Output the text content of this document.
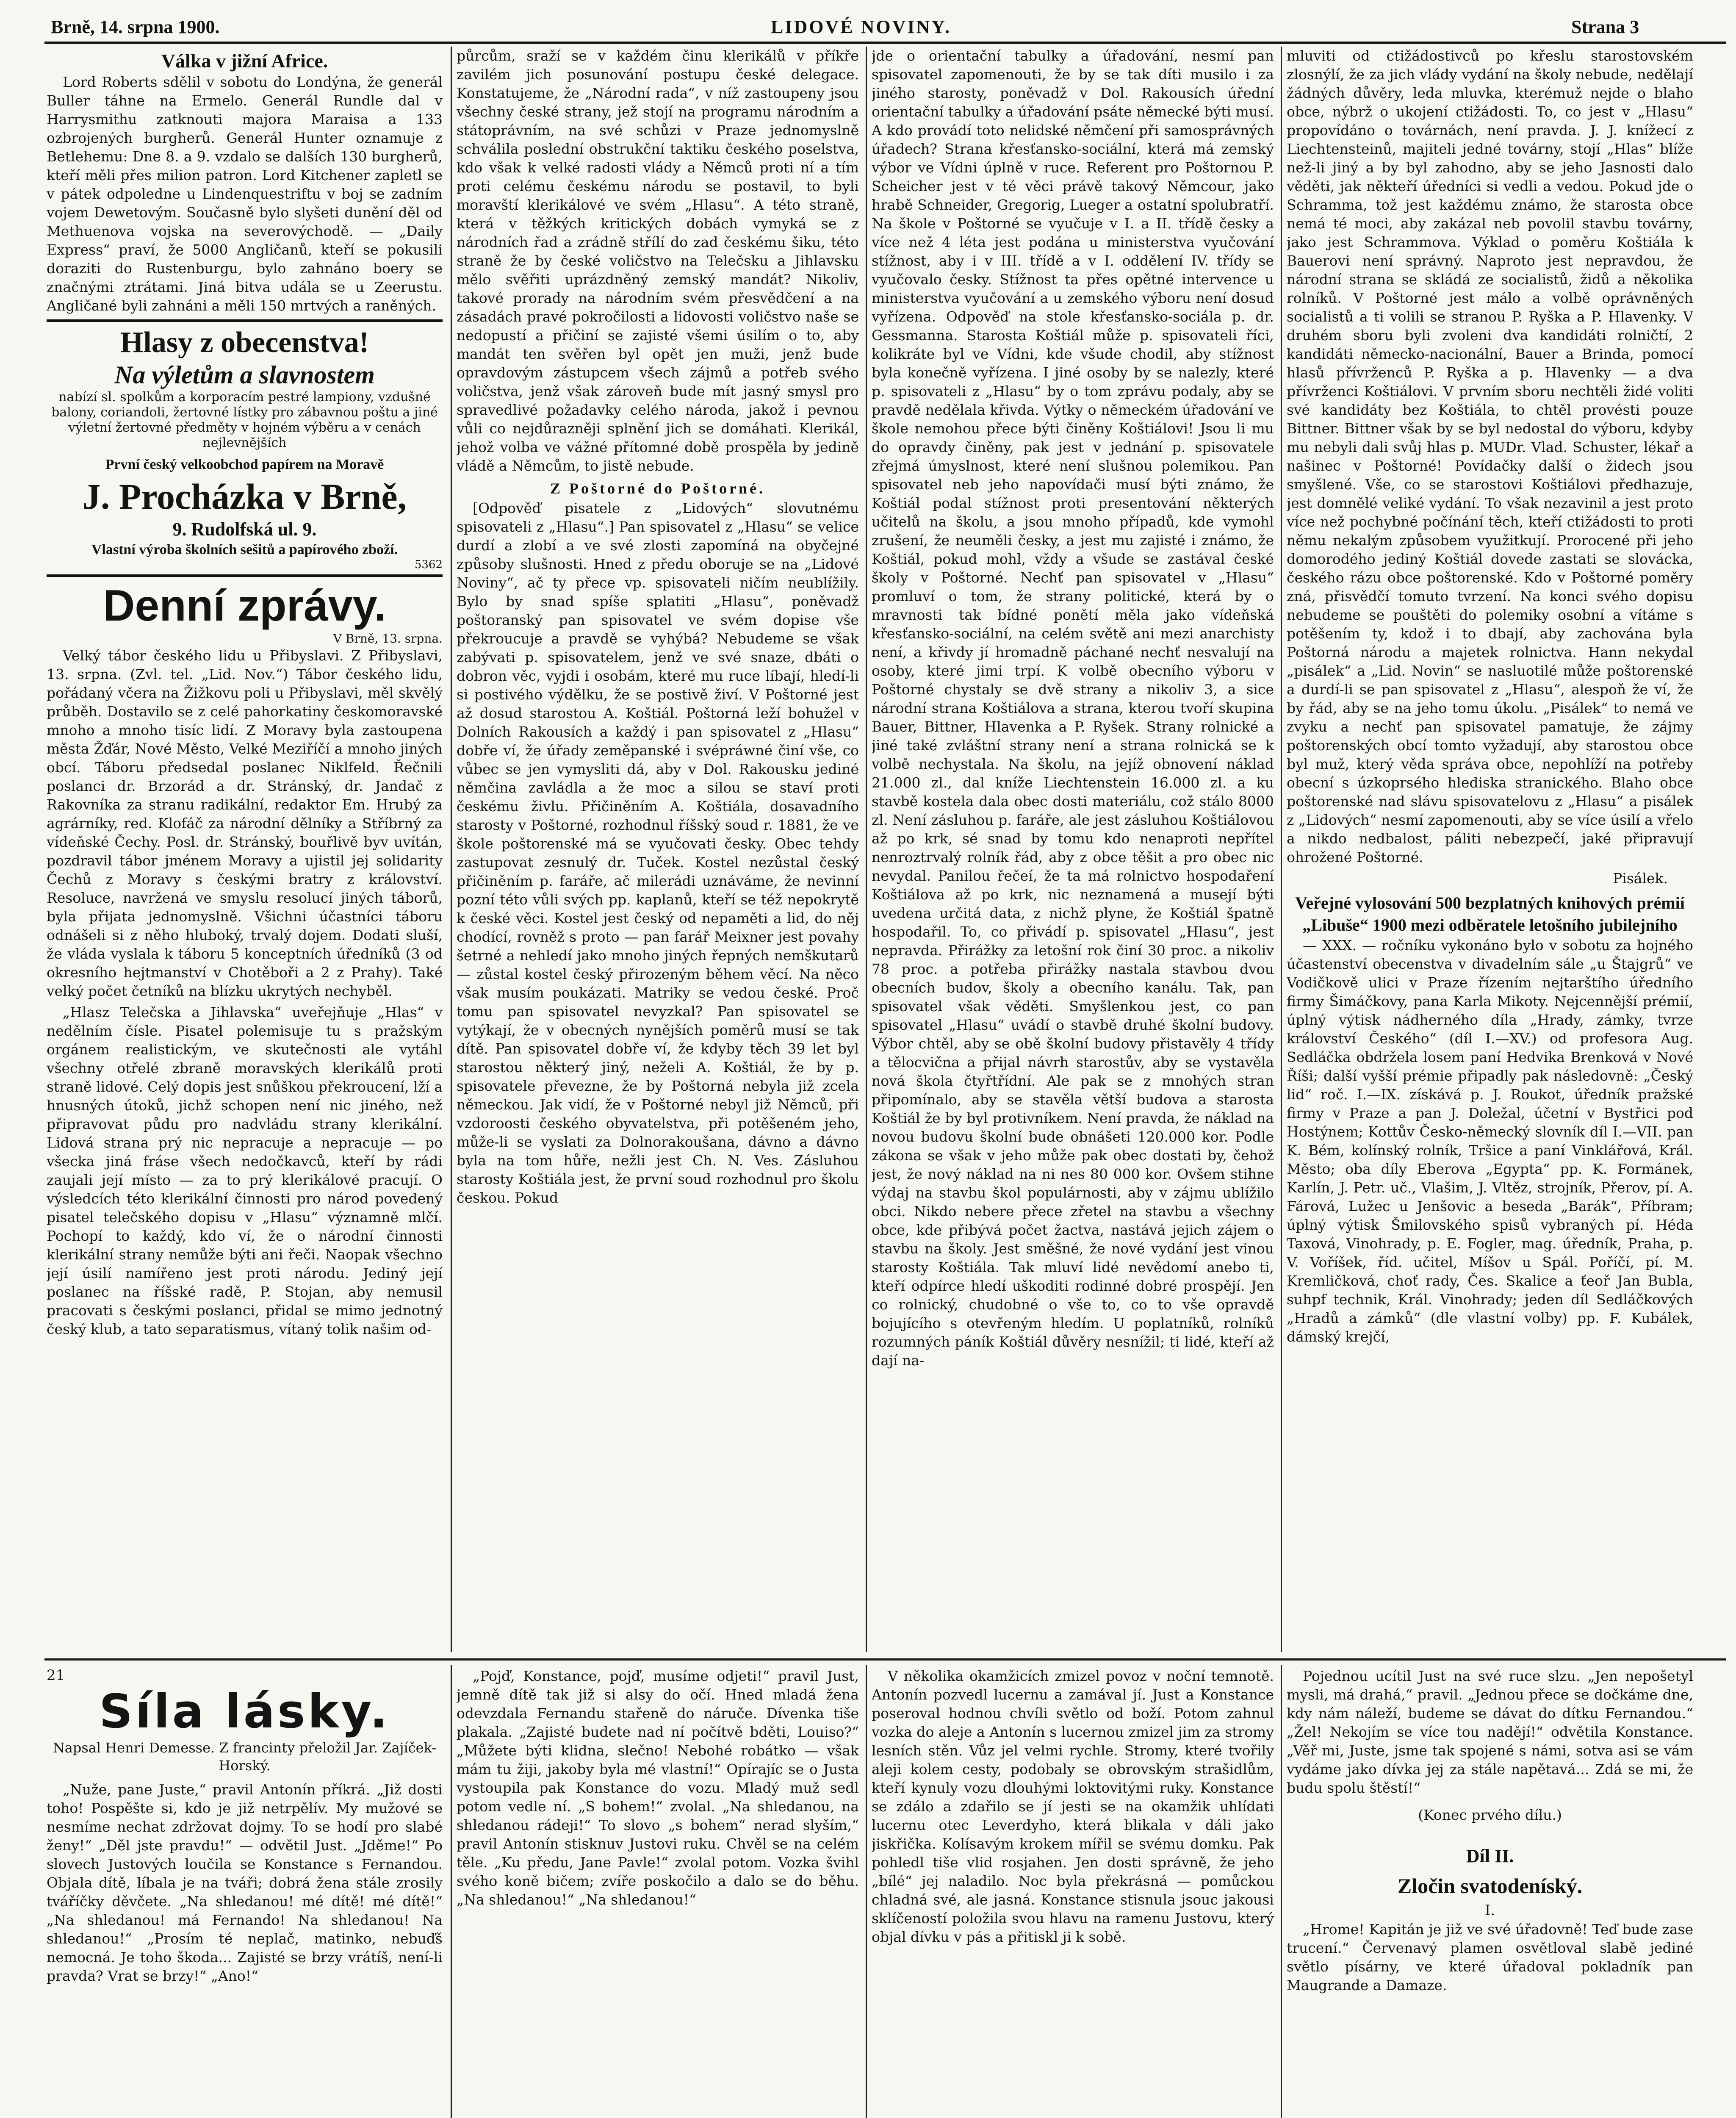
Brně, 14. srpna 1900.	LIDOVÉ NOVINY.	Strana 3
Válka v jižní Africe.

Lord Roberts sdělil v sobotu do Londýna, že generál Buller táhne na Ermelo. Generál Rundle dal v Harrysmithu zatknouti majora Maraisa a 133 ozbrojených burgherů. Generál Hunter oznamuje z Betlehemu: Dne 8. a 9. vzdalo se dalších 130 burgherů, kteří měli přes milion patron. Lord Kitchener zapletl se v pátek odpoledne u Lindenquestriftu v boj se zadním vojem Dewetovým. Současně bylo slyšeti dunění děl od Methuenova vojska na severovýchodě. — „Daily Express“ praví, že 5000 Angličanů, kteří se pokusili doraziti do Rustenburgu, bylo zahnáno boery se značnými ztrátami. Jiná bitva udála se u Zeerustu. Angličané byli zahnáni a měli 150 mrtvých a raněných.

Hlasy z obecenstva!
Na výletům a slavnostem
nabízí sl. spolkům a korporacím pestré lampiony, vzdušné balony, coriandoli, žertovné lístky pro zábavnou poštu a jiné výletní žertovné předměty v hojném výběru a v cenách nejlevnějších
První český velkoobchod papírem na Moravě
J. Procházka v Brně,
9. Rudolfská ul. 9.
Vlastní výroba školních sešitů a papírového zboží.
5362
Denní zprávy.
V Brně, 13. srpna.

Velký tábor českého lidu u Přibyslavi. Z Přibyslavi, 13. srpna. (Zvl. tel. „Lid. Nov.“) Tábor českého lidu, pořádaný včera na Žižkovu poli u Přibyslavi, měl skvělý průběh. Dostavilo se z celé pahorkatiny českomoravské mnoho a mnoho tisíc lidí. Z Moravy byla zastoupena města Žďár, Nové Město, Velké Meziříčí a mnoho jiných obcí. Táboru předsedal poslanec Niklfeld. Řečnili poslanci dr. Brzorád a dr. Stránský, dr. Jandač z Rakovníka za stranu radikální, redaktor Em. Hrubý za agrárníky, red. Klofáč za národní dělníky a Stříbrný za vídeňské Čechy. Posl. dr. Stránský, bouřlivě byv uvítán, pozdravil tábor jménem Moravy a ujistil jej solidarity Čechů z Moravy s českými bratry z království. Resoluce, navržená ve smyslu resolucí jiných táborů, byla přijata jednomyslně. Všichni účastníci táboru odnášeli si z něho hluboký, trvalý dojem. Dodati sluší, že vláda vyslala k táboru 5 konceptních úředníků (3 od okresního hejtmanství v Chotěboři a 2 z Prahy). Také velký počet četníků na blízku ukrytých nechyběl.

„Hlasz Telečska a Jihlavska“ uveřejňuje „Hlas“ v nedělním čísle. Pisatel polemisuje tu s pražským orgánem realistickým, ve skutečnosti ale vytáhl všechny otřelé zbraně moravských klerikálů proti straně lidové. Celý dopis jest snůškou překroucení, lží a hnusných útoků, jichž schopen není nic jiného, než připravovat půdu pro nadvládu strany klerikální. Lidová strana prý nic nepracuje a nepracuje — po všecka jiná fráse všech nedočkavců, kteří by rádi zaujali její místo — za to prý klerikálové pracují. O výsledcích této klerikální činnosti pro národ povedený pisatel telečského dopisu v „Hlasu“ významně mlčí. Pochopí to každý, kdo ví, že o národní činnosti klerikální strany nemůže býti ani řeči. Naopak všechno její úsilí namířeno jest proti národu. Jediný její poslanec na říšské radě, P. Stojan, aby nemusil pracovati s českými poslanci, přidal se mimo jednotný český klub, a tato separatismus, vítaný tolik našim od-

půrcům, sraží se v každém činu klerikálů v příkře zavilém jich posunování postupu české delegace. Konstatujeme, že „Národní rada“, v níž zastoupeny jsou všechny české strany, jež stojí na programu národním a státoprávním, na své schůzi v Praze jednomyslně schválila poslední obstrukční taktiku českého poselstva, kdo však k velké radosti vlády a Němců proti ní a tím proti celému českému národu se postavil, to byli moravští klerikálové ve svém „Hlasu“. A této straně, která v těžkých kritických dobách vymyká se z národních řad a zrádně střílí do zad českému šiku, této straně že by české voličstvo na Telečsku a Jihlavsku mělo svěřiti uprázdněný zemský mandát? Nikoliv, takové prorady na národním svém přesvědčení a na zásadách pravé pokročilosti a lidovosti voličstvo naše se nedopustí a přičiní se zajisté všemi úsilím o to, aby mandát ten svěřen byl opět jen muži, jenž bude opravdovým zástupcem všech zájmů a potřeb svého voličstva, jenž však zároveň bude mít jasný smysl pro spravedlivé požadavky celého národa, jakož i pevnou vůli co nejdůrazněji splnění jich se domáhati. Klerikál, jehož volba ve vážné přítomné době prospěla by jedině vládě a Němcům, to jistě nebude.

Z Poštorné do Poštorné.

[Odpověď pisatele z „Lidových“ slovutnému spisovateli z „Hlasu“.] Pan spisovatel z „Hlasu“ se velice durdí a zlobí a ve své zlosti zapomíná na obyčejné způsoby slušnosti. Hned z předu oboruje se na „Lidové Noviny“, ač ty přece vp. spisovateli ničím neublížily. Bylo by snad spíše splatiti „Hlasu“, poněvadž poštoranský pan spisovatel ve svém dopise vše překroucuje a pravdě se vyhýbá? Nebudeme se však zabývati p. spisovatelem, jenž ve své snaze, dbáti o dobron věc, vyjdi i osobám, které mu ruce líbají, hledí-li si postivého výdělku, že se postivě živí. V Poštorné jest až dosud starostou A. Koštiál. Poštorná leží bohužel v Dolních Rakousích a každý i pan spisovatel z „Hlasu“ dobře ví, že úřady zeměpanské i svépráwné činí vše, co vůbec se jen vymysliti dá, aby v Dol. Rakousku jediné němčina zavládla a že moc a silou se staví proti českému živlu. Přičiněním A. Koštiála, dosavadního starosty v Poštorné, rozhodnul říšský soud r. 1881, že ve škole poštorenské má se vyučovati česky. Obec tehdy zastupovat zesnulý dr. Tuček. Kostel nezůstal český přičiněním p. faráře, ač milerádi uznáváme, že nevinní pozní této vůli svých pp. kaplanů, kteří se též nepokrytě k české věci. Kostel jest český od nepaměti a lid, do něj chodící, rovněž s proto — pan farář Meixner jest povahy šetrné a nehledí jako mnoho jiných řepných nemškutarů — zůstal kostel český přirozeným během věcí. Na něco však musím poukázati. Matriky se vedou české. Proč tomu pan spisovatel nevyzkal? Pan spisovatel se vytýkají, že v obecných nynějších poměrů musí se tak dítě. Pan spisovatel dobře ví, že kdyby těch 39 let byl starostou některý jiný, neželi A. Koštiál, že by p. spisovatele převezne, že by Poštorná nebyla již zcela německou. Jak vidí, že v Poštorné nebyl již Němců, při vzdoroosti českého obyvatelstva, při potěšeném jeho, může-li se vyslati za Dolnorakoušana, dávno a dávno byla na tom hůře, nežli jest Ch. N. Ves. Zásluhou starosty Koštiála jest, že první soud rozhodnul pro školu českou. Pokud

jde o orientační tabulky a úřadování, nesmí pan spisovatel zapomenouti, že by se tak díti musilo i za jiného starosty, poněvadž v Dol. Rakousích úřední orientační tabulky a úřadování psáte německé býti musí. A kdo provádí toto nelidské němčení při samosprávných úřadech? Strana křesťansko-sociální, která má zemský výbor ve Vídni úplně v ruce. Referent pro Poštornou P. Scheicher jest v té věci právě takový Němcour, jako hrabě Schneider, Gregorig, Lueger a ostatní spolubratří. Na škole v Poštorné se vyučuje v I. a II. třídě česky a více než 4 léta jest podána u ministerstva vyučování stížnost, aby i v III. třídě a v I. oddělení IV. třídy se vyučovalo česky. Stížnost ta přes opětné intervence u ministerstva vyučování a u zemského výboru není dosud vyřízena. Odpověď na stole křesťansko-sociála p. dr. Gessmanna. Starosta Koštiál může p. spisovateli říci, kolikráte byl ve Vídni, kde všude chodil, aby stížnost byla konečně vyřízena. I jiné osoby by se nalezly, které p. spisovateli z „Hlasu“ by o tom zprávu podaly, aby se pravdě nedělala křivda. Výtky o německém úřadování ve škole nemohou přece býti činěny Koštiálovi! Jsou li mu do opravdy činěny, pak jest v jednání p. spisovatele zřejmá úmyslnost, které není slušnou polemikou. Pan spisovatel neb jeho napovídači musí býti známo, že Koštiál podal stížnost proti presentování některých učitelů na školu, a jsou mnoho případů, kde vymohl zrušení, že neuměli česky, a jest mu zajisté i známo, že Koštiál, pokud mohl, vždy a všude se zastával české školy v Poštorné. Nechť pan spisovatel v „Hlasu“ promluví o tom, že strany politické, která by o mravnosti tak bídné ponětí měla jako vídeňská křesťansko-sociální, na celém světě ani mezi anarchisty není, a křivdy jí hromadně páchané nechť nesvalují na osoby, které jimi trpí. K volbě obecního výboru v Poštorné chystaly se dvě strany a nikoliv 3, a sice národní strana Koštiálova a strana, kterou tvoří skupina Bauer, Bittner, Hlavenka a P. Ryšek. Strany rolnické a jiné také zvláštní strany není a strana rolnická se k volbě nechystala. Na školu, na jejíž obnovení náklad 21.000 zl., dal kníže Liechtenstein 16.000 zl. a ku stavbě kostela dala obec dosti materiálu, což stálo 8000 zl. Není zásluhou p. faráře, ale jest zásluhou Koštiálovou až po krk, sé snad by tomu kdo nenaproti nepřítel nenroztrvalý rolník řád, aby z obce těšit a pro obec nic nevydal. Panilou řečeí, že ta má rolnictvo hospodaření Koštiálova až po krk, nic neznamená a musejí býti uvedena určitá data, z nichž plyne, že Koštiál špatně hospodařil. To, co přivádí p. spisovatel „Hlasu“, jest nepravda. Přirážky za letošní rok činí 30 proc. a nikoliv 78 proc. a potřeba přirážky nastala stavbou dvou obecních budov, školy a obecního kanálu. Tak, pan spisovatel však věděti. Smyšlenkou jest, co pan spisovatel „Hlasu“ uvádí o stavbě druhé školní budovy. Výbor chtěl, aby se obě školní budovy přistavěly 4 třídy a tělocvična a přijal návrh starostův, aby se vystavěla nová škola čtyřtřídní. Ale pak se z mnohých stran připomínalo, aby se stavěla větší budova a starosta Koštiál že by byl protivníkem. Není pravda, že náklad na novou budovu školní bude obnášeti 120.000 kor. Podle zákona se však v jeho může pak obec dostati by, čehož jest, že nový náklad na ni nes 80 000 kor. Ovšem stihne výdaj na stavbu škol populárnosti, aby v zájmu ublížilo obci. Nikdo nebere přece zřetel na stavbu a všechny obce, kde přibývá počet žactva, nastává jejich zájem o stavbu na školy. Jest směšné, že nové vydání jest vinou starosty Koštiála. Tak mluví lidé nevědomí anebo ti, kteří odpírce hledí uškoditi rodinné dobré prospějí. Jen co rolnický, chudobné o vše to, co to vše opravdě bojujícího s otevřeným hledím. U poplatníků, rolníků rozumných páník Koštiál důvěry nesnížil; ti lidé, kteří až dají na-

mluviti od ctižádostivců po křeslu starostovském zlosnýlí, že za jich vlády vydání na školy nebude, nedělají žádných důvěry, leda mluvka, kterémuž nejde o blaho obce, nýbrž o ukojení ctižádosti. To, co jest v „Hlasu“ propovídáno o továrnách, není pravda. J. J. knížecí z Liechtensteinů, majiteli jedné továrny, stojí „Hlas“ blíže než-li jiný a by byl zahodno, aby se jeho Jasnosti dalo věděti, jak někteří úředníci si vedli a vedou. Pokud jde o Schramma, tož jest každému známo, že starosta obce nemá té moci, aby zakázal neb povolil stavbu továrny, jako jest Schrammova. Výklad o poměru Koštiála k Bauerovi není správný. Naproto jest nepravdou, že národní strana se skládá ze socialistů, židů a několika rolníků. V Poštorné jest málo a volbě oprávněných socialistů a ti volili se stranou P. Ryška a P. Hlavenky. V druhém sboru byli zvoleni dva kandidáti rolničtí, 2 kandidáti německo-nacionální, Bauer a Brinda, pomocí hlasů přívrženců P. Ryška a p. Hlavenky — a dva přívrženci Koštiálovi. V prvním sboru nechtěli židé voliti své kandidáty bez Koštiála, to chtěl provésti pouze Bittner. Bittner však by se byl nedostal do výboru, kdyby mu nebyli dali svůj hlas p. MUDr. Vlad. Schuster, lékař a našinec v Poštorné! Povídačky další o židech jsou smyšlené. Vše, co se starostovi Koštiálovi předhazuje, jest domnělé veliké vydání. To však nezavinil a jest proto více než pochybné počínání těch, kteří ctižádosti to proti němu nekalým způsobem využitkují. Prorocené při jeho domorodého jediný Koštiál dovede zastati se slovácka, českého rázu obce poštorenské. Kdo v Poštorné poměry zná, přisvědčí tomuto tvrzení. Na konci svého dopisu nebudeme se pouštěti do polemiky osobní a vítáme s potěšením ty, kdož i to dbají, aby zachována byla Poštorná národu a majetek rolnictva. Hann nekydal „pisálek“ a „Lid. Novin“ se nasluotilé může poštorenské a durdí-li se pan spisovatel z „Hlasu“, alespoň že ví, že by řád, aby se na jeho tomu úkolu. „Pisálek“ to nemá ve zvyku a nechť pan spisovatel pamatuje, že zájmy poštorenských obcí tomto vyžadují, aby starostou obce byl muž, který věda správa obce, nepohlíží na potřeby obecní s úzkoprsého hlediska stranického. Blaho obce poštorenské nad slávu spisovatelovu z „Hlasu“ a pisálek z „Lidových“ nesmí zapomenouti, aby se více úsilí a vřelo a nikdo nedbalost, páliti nebezpečí, jaké připravují ohrožené Poštorné.

Pisálek.
Veřejné vylosování 500 bezplatných knihových prémií „Libuše“ 1900 mezi odběratele letošního jubilejního

— XXX. — ročníku vykonáno bylo v sobotu za hojného účastenství obecenstva v divadelním sále „u Štajgrů“ ve Vodičkově ulici v Praze řízením nejtarštího úředního firmy Šimáčkovy, pana Karla Mikoty. Nejcennější prémií, úplný výtisk nádherného díla „Hrady, zámky, tvrze království Českého“ (díl I.—XV.) od profesora Aug. Sedláčka obdržela losem paní Hedvika Brenková v Nové Říši; další vyšší prémie připadly pak následovně: „Český lid“ roč. I.—IX. získává p. J. Roukot, úředník pražské firmy v Praze a pan J. Doležal, účetní v Bystřici pod Hostýnem; Kottův Česko-německý slovník díl I.—VII. pan K. Bém, kolínský rolník, Tršice a paní Vinklářová, Král. Město; oba díly Eberova „Egypta“ pp. K. Formánek, Karlín, J. Petr. uč., Vlašim, J. Vltěz, strojník, Přerov, pí. A. Fárová, Lužec u Jenšovic a beseda „Barák“, Příbram; úplný výtisk Šmilovského spisů vybraných pí. Héda Taxová, Vinohrady, p. E. Fogler, mag. úředník, Praha, p. V. Voříšek, říd. učitel, Míšov u Spál. Poříčí, pí. M. Kremličková, choť rady, Čes. Skalice a ťeoř Jan Bubla, suhpf technik, Král. Vinohrady; jeden díl Sedláčkových „Hradů a zámků“ (dle vlastní volby) pp. F. Kubálek, dámský krejčí,

21
Síla lásky.
Napsal Henri Demesse. Z francinty přeložil Jar. Zajíček-Horský.

„Nuže, pane Juste,“ pravil Antonín příkrá. „Již dosti toho! Pospěšte si, kdo je již netrpělív. My mužové se nesmíme nechat zdržovat dojmy. To se hodí pro slabé ženy!“ „Děl jste pravdu!“ — odvětil Just. „Jděme!“ Po slovech Justových loučila se Konstance s Fernandou. Objala dítě, líbala je na tváři; dobrá žena stále zrosily tváříčky děvčete. „Na shledanou! mé dítě! mé dítě!“ „Na shledanou! má Fernando! Na shledanou! Na shledanou!“ „Prosím té neplač, matinko, nebuďš nemocná. Je toho škoda... Zajisté se brzy vrátíš, není-li pravda? Vrat se brzy!“ „Ano!“

„Pojď, Konstance, pojď, musíme odjeti!“ pravil Just, jemně dítě tak již si alsy do očí. Hned mladá žena odevzdala Fernandu stařeně do náruče. Dívenka tiše plakala. „Zajisté budete nad ní počítvě bděti, Louiso?“ „Můžete býti klidna, slečno! Nebohé robátko — však mám tu žiji, jakoby byla mé vlastní!“ Opírajíc se o Justa vystoupila pak Konstance do vozu. Mladý muž sedl potom vedle ní. „S bohem!“ zvolal. „Na shledanou, na shledanou rádeji!“ To slovo „s bohem“ nerad slyším,“ pravil Antonín stisknuv Justovi ruku. Chvěl se na celém těle. „Ku předu, Jane Pavle!“ zvolal potom. Vozka švihl svého koně bičem; zvíře poskočilo a dalo se do běhu. „Na shledanou!“ „Na shledanou!“

V několika okamžicích zmizel povoz v noční temnotě. Antonín pozvedl lucernu a zamával jí. Just a Konstance poseroval hodnou chvíli světlo od boží. Potom zahnul vozka do aleje a Antonín s lucernou zmizel jim za stromy lesních stěn. Vůz jel velmi rychle. Stromy, které tvořily aleji kolem cesty, podobaly se obrovským strašidlům, kteří kynuly vozu dlouhými loktovitými ruky. Konstance se zdálo a zdařilo se jí jesti se na okamžik uhlídati lucernu otec Leverdyho, která blikala v dáli jako jiskřička. Kolísavým krokem mířil se svému domku. Pak pohledl tiše vlid rosjahen. Jen dosti správně, že jeho „bílé“ jej naladilo. Noc byla překrásná — pomůckou chladná své, ale jasná. Konstance stisnula jsouc jakousi sklíčeností položila svou hlavu na ramenu Justovu, který objal dívku v pás a přitiskl ji k sobě.

Pojednou ucítil Just na své ruce slzu. „Jen nepošetyl mysli, má drahá,“ pravil. „Jednou přece se dočkáme dne, kdy nám náleží, budeme se dávat do dítku Fernandou.“ „Žel! Nekojím se více tou nadějí!“ odvětila Konstance. „Věř mi, Juste, jsme tak spojené s námi, sotva asi se vám vydáme jako dívka jej za stále napětavá... Zdá se mi, že budu spolu štěstí!“

(Konec prvého dílu.)
Díl II.
Zločin svatodeníský.
I.

„Hrome! Kapitán je již ve své úřadovně! Teď bude zase trucení.“ Červenavý plamen osvětloval slabě jediné světlo písárny, ve které úřadoval pokladník pan Maugrande a Damaze.
